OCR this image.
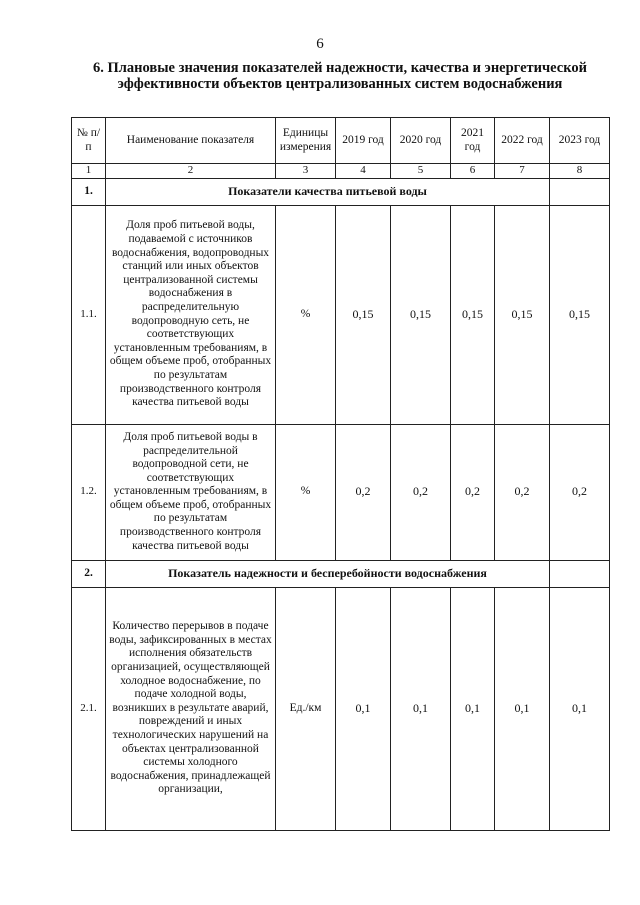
6
6. Плановые значения показателей надежности, качества и энергетической эффективности объектов централизованных систем водоснабжения
№ п/п	Наименование показателя	Единицы измерения	2019 год	2020 год	2021 год	2022 год	2023 год
1	2	3	4	5	6	7	8
1.	Показатели качества питьевой воды						
1.1.	Доля проб питьевой воды, подаваемой с источников водоснабжения, водопроводных станций или иных объектов централизованной системы водоснабжения в распределительную водопроводную сеть, не соответствующих установленным требованиям, в общем объеме проб, отобранных по результатам производственного контроля качества питьевой воды	%	0,15	0,15	0,15	0,15	0,15
1.2.	Доля проб питьевой воды в распределительной водопроводной сети, не соответствующих установленным требованиям, в общем объеме проб, отобранных по результатам производственного контроля качества питьевой воды	%	0,2	0,2	0,2	0,2	0,2
2.	Показатель надежности и бесперебойности водоснабжения						
2.1.	Количество перерывов в подаче воды, зафиксированных в местах исполнения обязательств организацией, осуществляющей холодное водоснабжение, по подаче холодной воды, возникших в результате аварий, повреждений и иных технологических нарушений на объектах централизованной системы холодного водоснабжения, принадлежащей организации,	Ед./км	0,1	0,1	0,1	0,1	0,1
